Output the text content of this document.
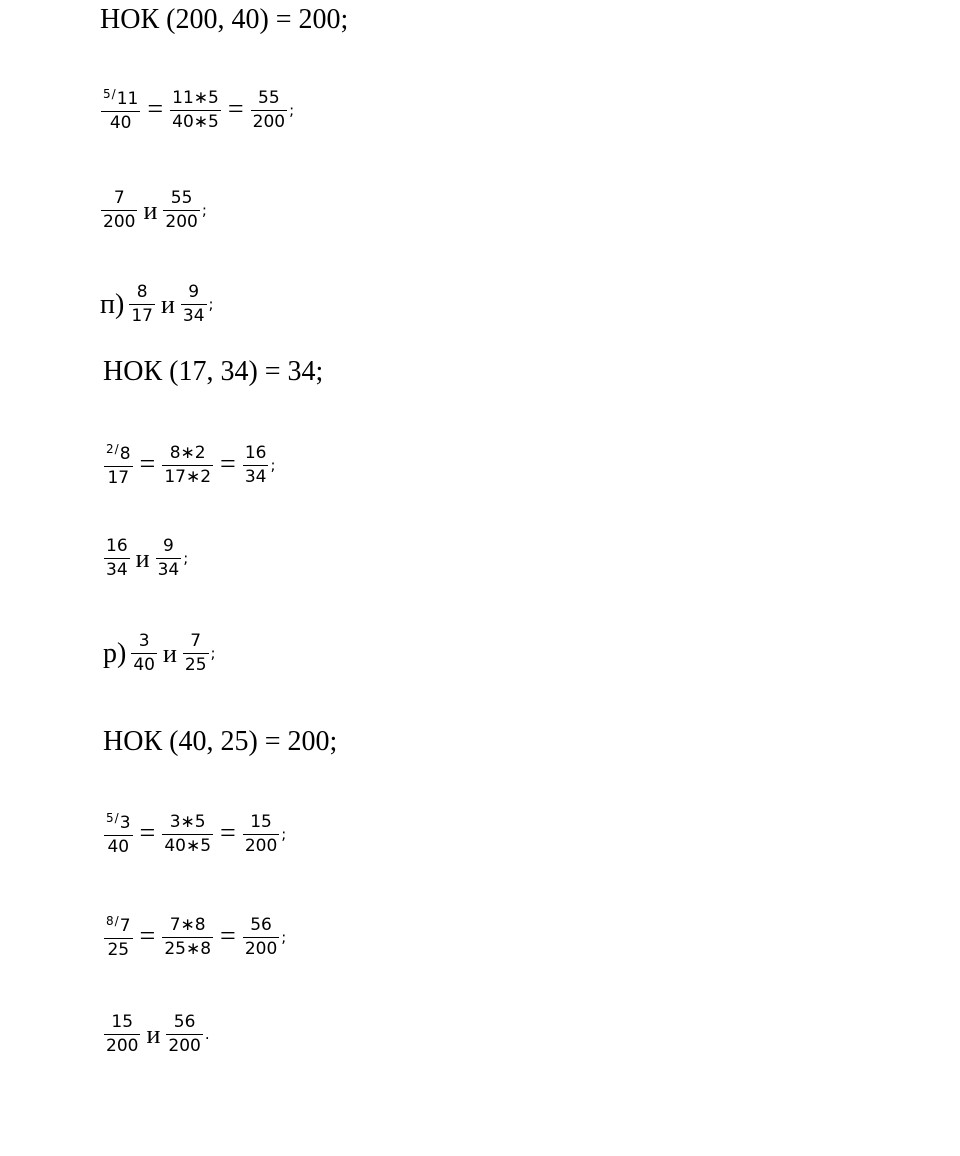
НОК (200, 40) = 200;
$\frac{^{5/}11}{40} = \frac{11∗5}{40∗5} = \frac{55}{200}$ ;
$\frac{7}{200}$ и $\frac{55}{200}$ ;
$п) \frac{8}{17}$ и $\frac{9}{34}$ ;
НОК (17, 34) = 34;
$\frac{^{2/}8}{17} = \frac{8∗2}{17∗2} = \frac{16}{34}$ ;
$\frac{16}{34}$ и $\frac{9}{34}$ ;
$р) \frac{3}{40}$ и $\frac{7}{25}$ ;
НОК (40, 25) = 200;
$\frac{^{5/}3}{40} = \frac{3∗5}{40∗5} = \frac{15}{200}$ ;
$\frac{^{8/}7}{25} = \frac{7∗8}{25∗8} = \frac{56}{200}$ ;
$\frac{15}{200}$ и $\frac{56}{200}$ .
